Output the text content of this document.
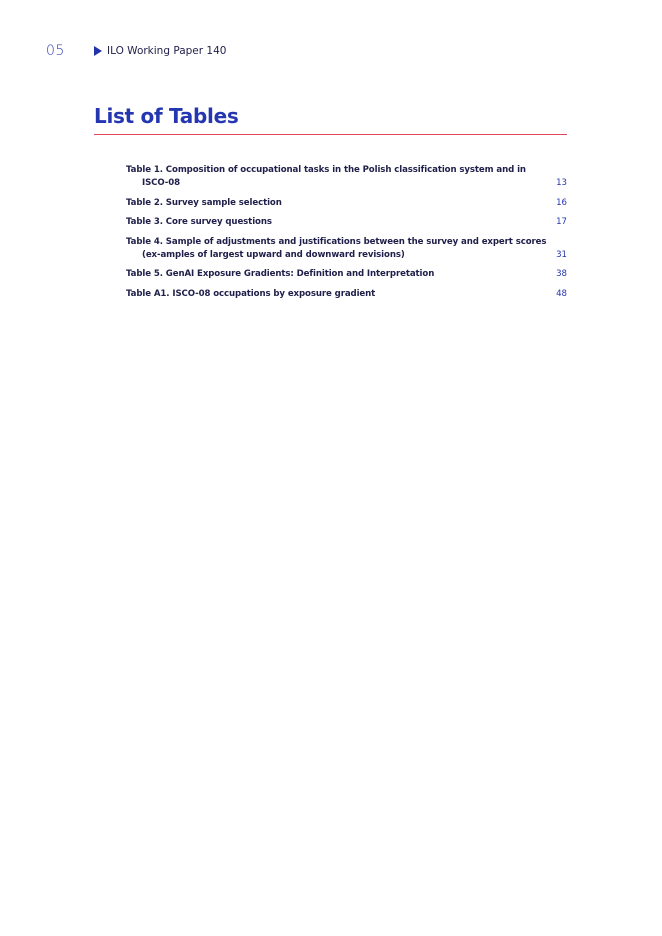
05	ILO Working Paper 140
List of Tables
Table 1. Composition of occupational tasks in the Polish classification system and in ISCO-08	13
Table 2. Survey sample selection	16
Table 3. Core survey questions	17
Table 4. Sample of adjustments and justifications between the survey and expert scores (ex-amples of largest upward and downward revisions)	31
Table 5. GenAI Exposure Gradients: Definition and Interpretation	38
Table A1. ISCO-08 occupations by exposure gradient	48
